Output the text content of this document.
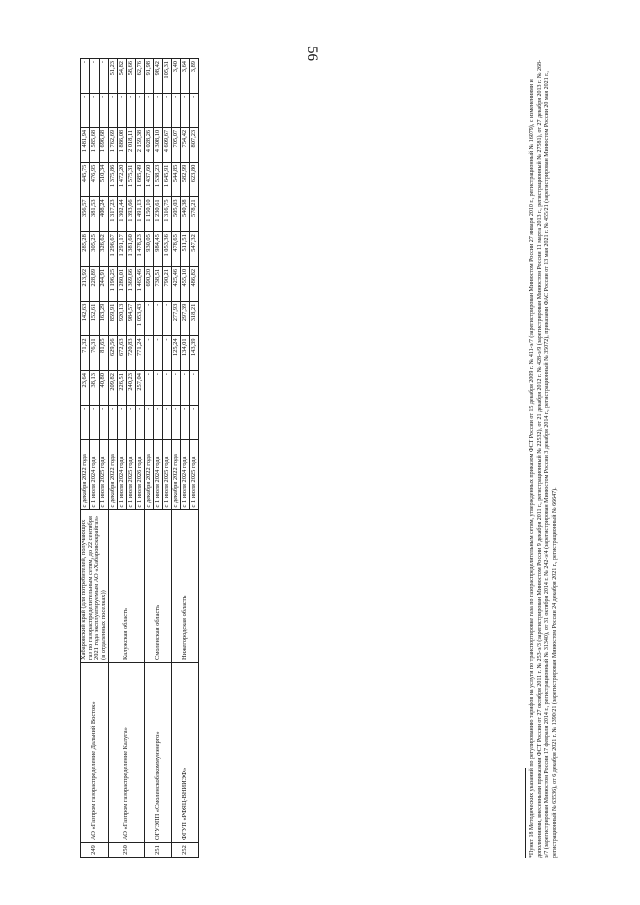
56
249	АО «Газпром газораспределение Дальний Восток»	Хабаровский край (для потребителей, получающих газ по газораспределительным сетям, до 22 сентября 2021 года эксплуатируемым АО «Хабаровсккрайгаз» (в отдаленных поселках))	с декабря 2022 года	-	23,64	71,32	142,63	213,92	285,28	356,57	445,75	1 481,94	-	-
			с 1 июля 2024 года	-	38,13	76,31	152,61	228,89	305,25	381,53	476,95	1 585,68	-	-
			с 1 июля 2025 года	-	40,80	81,65	163,29	244,91	326,62	408,24	510,34	1 696,68	-	-
250	АО «Газпром газораспределение Калуга»	Калужская область	с декабря 2022 года	-	209,82	629,56	859,91	1 196,25	1 296,67	1 317,23	1 375,86	1 762,69	-	51,23
			с 1 июля 2024 года	-	226,51	672,63	920,13	1 280,01	1 291,17	1 302,44	1 472,20	1 886,08	-	54,82
			с 1 июля 2025 года	-	240,23	720,83	984,57	1 369,66	1 381,60	1 393,66	1 575,31	2 018,11	-	58,66
			с 1 июля 2026 года	-	257,04	771,24	1 053,43	1 465,46	1 478,23	1 491,13	1 685,49	2 159,38	-	62,76
251	ОГУЭПП «Смоленскоблкоммунэнерго»	Смоленская область	с декабря 2022 года	-	-	-	-	690,20	930,05	1 150,10	1 437,60	4 028,26	-	91,98
			с 1 июля 2024 года	-	-	-	-	738,51	984,45	1 230,61	1 538,23	4 308,10	-	98,42
			с 1 июля 2025 года	-	-	-	-	790,21	1 053,36	1 316,75	1 645,91	4 609,67	-	105,31
252	ФГУП «РФЯЦ-ВНИИЭФ»	Нижегородская область	с декабря 2022 года	-	-	125,24	277,93	425,46	478,65	505,03	544,85	705,07	-	3,40
			с 1 июля 2024 года	-	-	134,01	297,39	455,10	511,51	540,38	582,99	754,42	-	3,64
			с 1 июля 2025 года	-	-	143,39	318,21	486,82	547,32	578,21	623,80	807,23	-	3,89
*Пункт 18 Методических указаний по регулированию тарифов на услуги по транспортировке газа по газораспределительным сетям, утвержденных приказом ФСТ России от 15 декабря 2009 г. № 411-э/7 (зарегистрирован Минюстом России 27 января 2010 г., регистрационный № 16079), с изменениями и дополнениями, внесенными приказами ФСТ России от 27 октября 2011 г. № 253-э/3 (зарегистрирован Минюстом России 9 декабря 2011 г., регистрационный № 22532), от 21 декабря 2012 г. № 428-э/9 (зарегистрирован Минюстом России 11 марта 2013 г., регистрационный № 27581), от 27 декабря 2013 г. № 268-э/7 (зарегистрирован Минюстом России 17 февраля 2014 г., регистрационный № 31340), от 31 октября 2014 г. № 242-э/4 (зарегистрирован Минюстом России 3 декабря 2014 г., регистрационный № 35072), приказами ФАС России от 13 мая 2021 г. № 455/21 (зарегистрирован Минюстом России 20 мая 2021 г., регистрационный № 63536), от 6 декабря 2021 г. № 1390/21 (зарегистрирован Минюстом России 24 декабря 2021 г., регистрационный № 66647).
